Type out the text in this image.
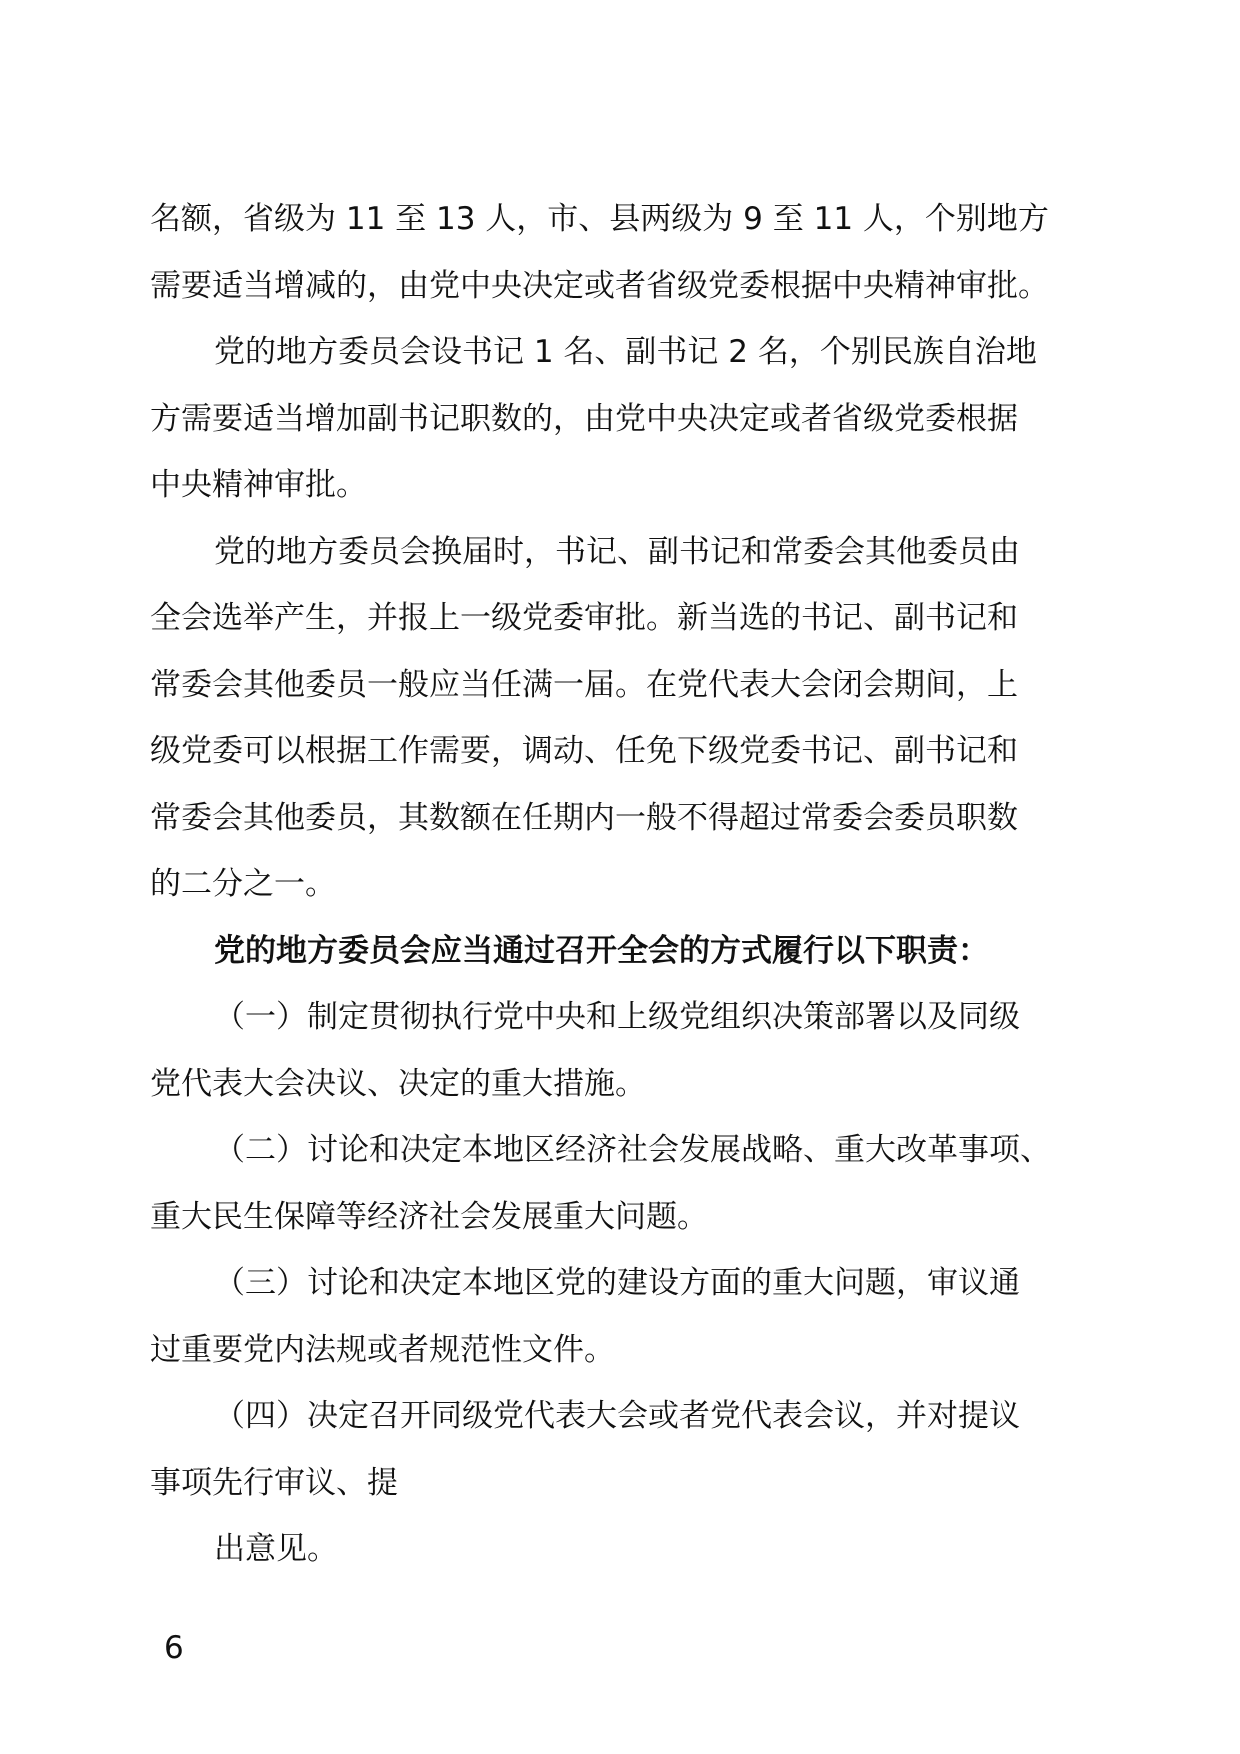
名额，省级为 11 至 13 人，市、县两级为 9 至 11 人，个别地方
需要适当增减的，由党中央决定或者省级党委根据中央精神审批。
党的地方委员会设书记 1 名、副书记 2 名，个别民族自治地
方需要适当增加副书记职数的，由党中央决定或者省级党委根据
中央精神审批。
党的地方委员会换届时，书记、副书记和常委会其他委员由
全会选举产生，并报上一级党委审批。新当选的书记、副书记和
常委会其他委员一般应当任满一届。在党代表大会闭会期间，上
级党委可以根据工作需要，调动、任免下级党委书记、副书记和
常委会其他委员，其数额在任期内一般不得超过常委会委员职数
的二分之一。
党的地方委员会应当通过召开全会的方式履行以下职责：
（一）制定贯彻执行党中央和上级党组织决策部署以及同级
党代表大会决议、决定的重大措施。
（二）讨论和决定本地区经济社会发展战略、重大改革事项、
重大民生保障等经济社会发展重大问题。
（三）讨论和决定本地区党的建设方面的重大问题，审议通
过重要党内法规或者规范性文件。
（四）决定召开同级党代表大会或者党代表会议，并对提议
事项先行审议、提
出意见。
6
